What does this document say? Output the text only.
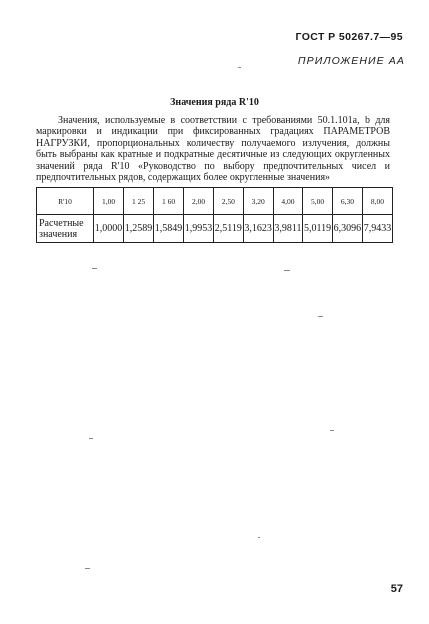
ГОСТ Р 50267.7—95
ПРИЛОЖЕНИЕ АА
Значения ряда R'10

Значения, используемые в соответствии с требованиями 50.1.101a, b для маркировки и индикации при фиксированных градациях ПАРАМЕТРОВ НАГРУЗКИ, пропорциональных количеству получаемого излучения, должны быть выбраны как кратные и подкратные десятичные из следующих округленных значений ряда R'10 «Руководство по выбору предпочтительных чисел и предпочтительных рядов, содержащих более округленные значения»

R'10	1,00	1 25	1 60	2,00	2,50	3,20	4,00	5,00	6,30	8,00
Расчетные значения	1,0000	1,2589	1,5849	1,9953	2,5119	3,1623	3,9811	5,0119	6,3096	7,9433
57
